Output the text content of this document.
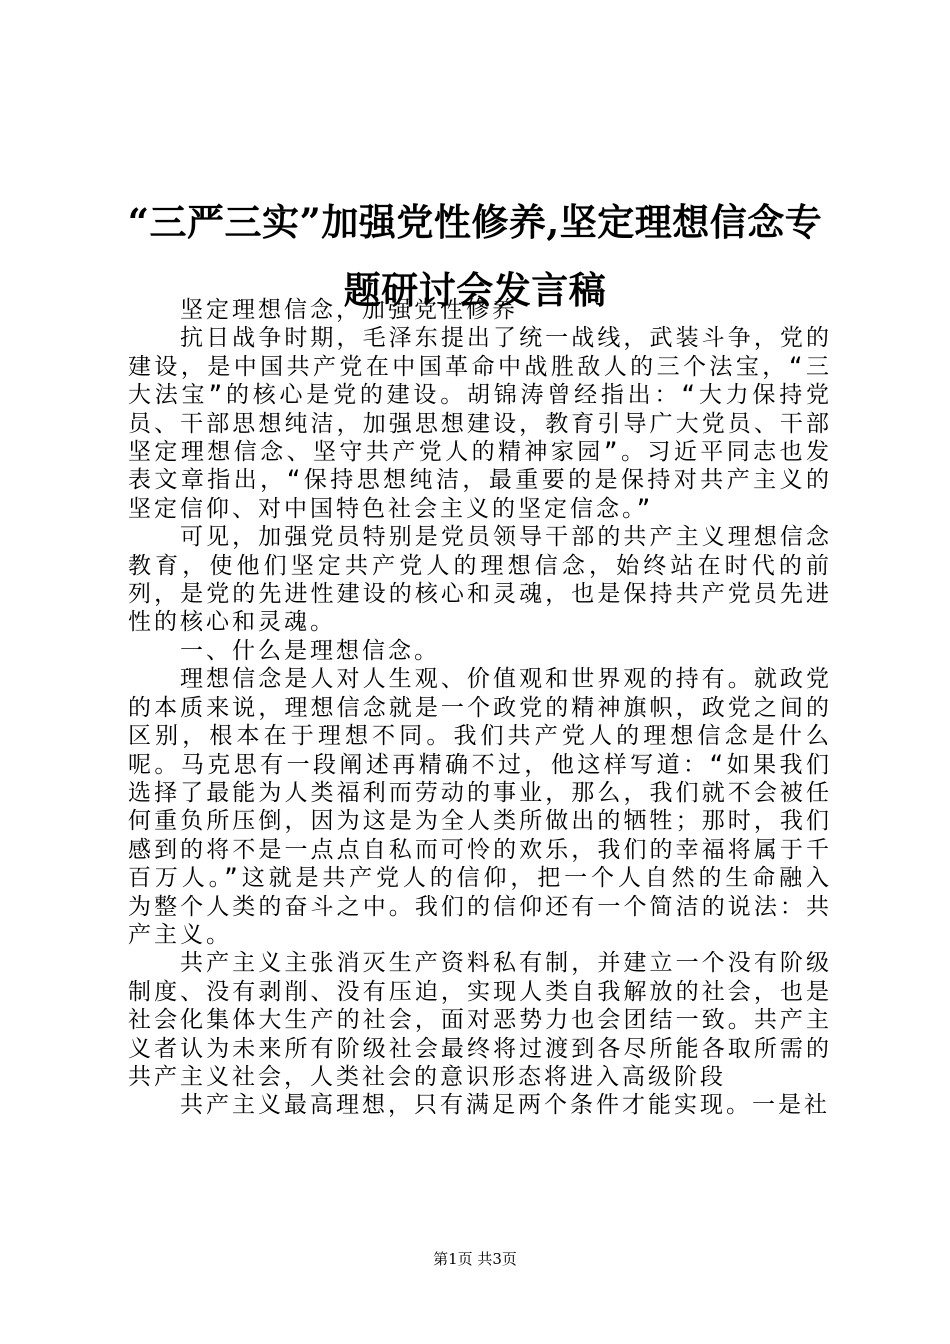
“三严三实”加强党性修养,坚定理想信念专
题研讨会发言稿

坚定理想信念，加强党性修养

抗日战争时期，毛泽东提出了统一战线，武装斗争，党的建设，是中国共产党在中国革命中战胜敌人的三个法宝，“三大法宝”的核心是党的建设。胡锦涛曾经指出：“大力保持党员、干部思想纯洁，加强思想建设，教育引导广大党员、干部坚定理想信念、坚守共产党人的精神家园”。习近平同志也发表文章指出，“保持思想纯洁，最重要的是保持对共产主义的坚定信仰、对中国特色社会主义的坚定信念。”

可见，加强党员特别是党员领导干部的共产主义理想信念教育，使他们坚定共产党人的理想信念，始终站在时代的前列，是党的先进性建设的核心和灵魂，也是保持共产党员先进性的核心和灵魂。

一、什么是理想信念。

理想信念是人对人生观、价值观和世界观的持有。就政党的本质来说，理想信念就是一个政党的精神旗帜，政党之间的区别，根本在于理想不同。我们共产党人的理想信念是什么呢。马克思有一段阐述再精确不过，他这样写道：“如果我们选择了最能为人类福利而劳动的事业，那么，我们就不会被任何重负所压倒，因为这是为全人类所做出的牺牲；那时，我们感到的将不是一点点自私而可怜的欢乐，我们的幸福将属于千百万人。”这就是共产党人的信仰，把一个人自然的生命融入为整个人类的奋斗之中。我们的信仰还有一个简洁的说法：共产主义。

共产主义主张消灭生产资料私有制，并建立一个没有阶级制度、没有剥削、没有压迫，实现人类自我解放的社会，也是社会化集体大生产的社会，面对恶势力也会团结一致。共产主义者认为未来所有阶级社会最终将过渡到各尽所能各取所需的共产主义社会，人类社会的意识形态将进入高级阶段

共产主义最高理想，只有满足两个条件才能实现。一是社

第1页 共3页
